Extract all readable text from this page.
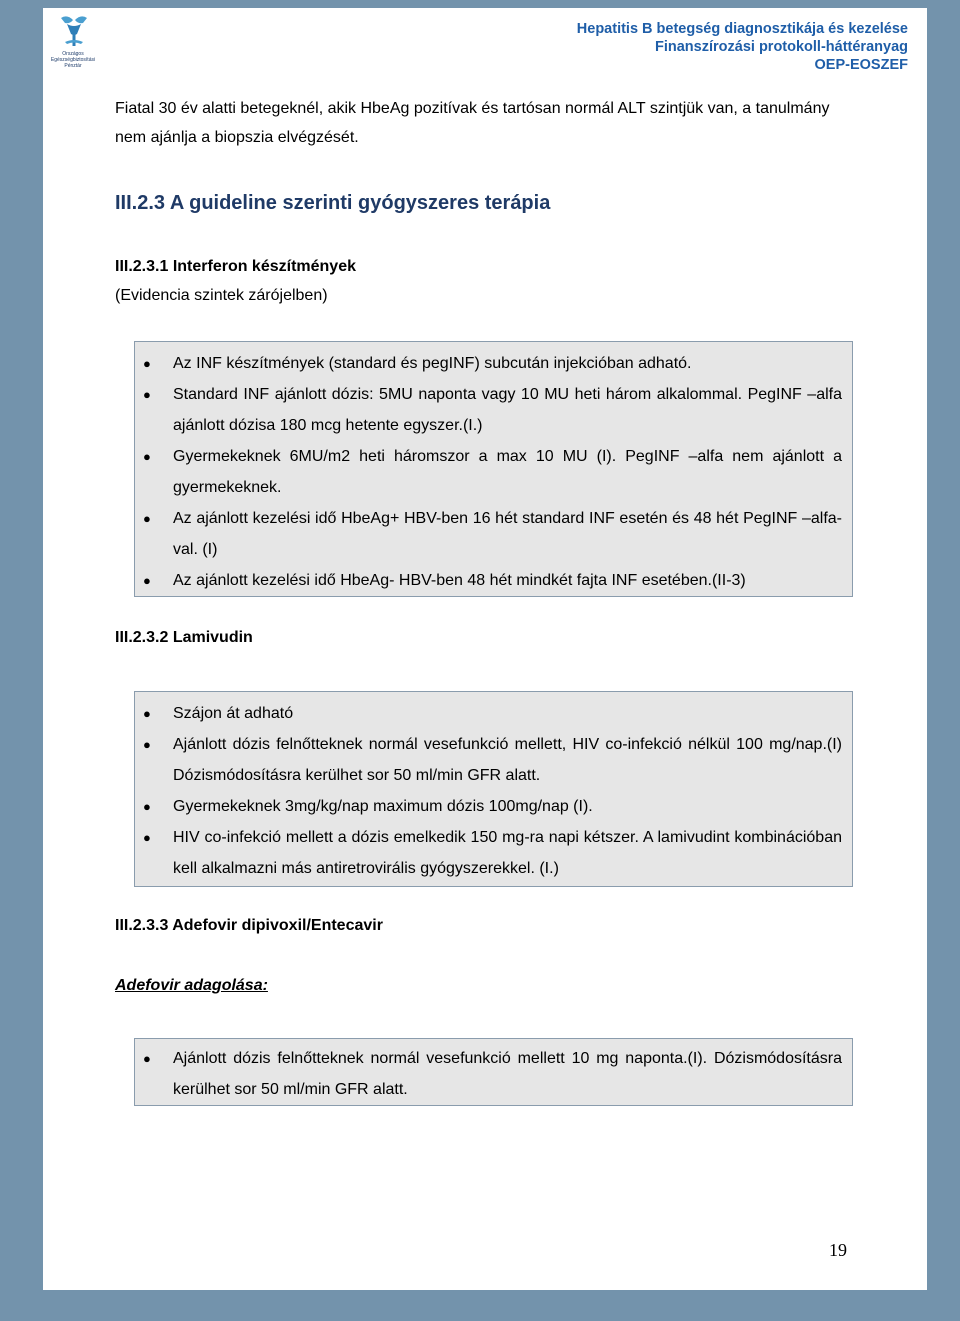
Országos Egészségbiztosítási Pénztár
Hepatitis B betegség diagnosztikája és kezelése
Finanszírozási protokoll-háttéranyag
OEP-EOSZEF
Fiatal 30 év alatti betegeknél, akik HbeAg pozitívak és tartósan normál ALT szintjük van, a tanulmány nem ajánlja a biopszia elvégzését.
III.2.3 A guideline szerinti gyógyszeres terápia
III.2.3.1 Interferon készítmények
(Evidencia szintek zárójelben)
● Az INF készítmények (standard és pegINF) subcután injekcióban adható.
● Standard INF ajánlott dózis: 5MU naponta vagy 10 MU heti három alkalommal. PegINF –alfa ajánlott dózisa 180 mcg hetente egyszer.(I.)
● Gyermekeknek 6MU/m2 heti háromszor a max 10 MU (I). PegINF –alfa nem ajánlott a gyermekeknek.
● Az ajánlott kezelési idő HbeAg+ HBV-ben 16 hét standard INF esetén és 48 hét PegINF –alfa-val. (I)
● Az ajánlott kezelési idő HbeAg- HBV-ben 48 hét mindkét fajta INF esetében.(II-3)
III.2.3.2 Lamivudin
● Szájon át adható
● Ajánlott dózis felnőtteknek normál vesefunkció mellett, HIV co-infekció nélkül 100 mg/nap.(I) Dózismódosításra kerülhet sor 50 ml/min GFR alatt.
● Gyermekeknek 3mg/kg/nap maximum dózis 100mg/nap (I).
● HIV co-infekció mellett a dózis emelkedik 150 mg-ra napi kétszer. A lamivudint kombinációban kell alkalmazni más antiretrovirális gyógyszerekkel. (I.)
III.2.3.3 Adefovir dipivoxil/Entecavir
Adefovir adagolása:
● Ajánlott dózis felnőtteknek normál vesefunkció mellett 10 mg naponta.(I). Dózismódosításra kerülhet sor 50 ml/min GFR alatt.
19
